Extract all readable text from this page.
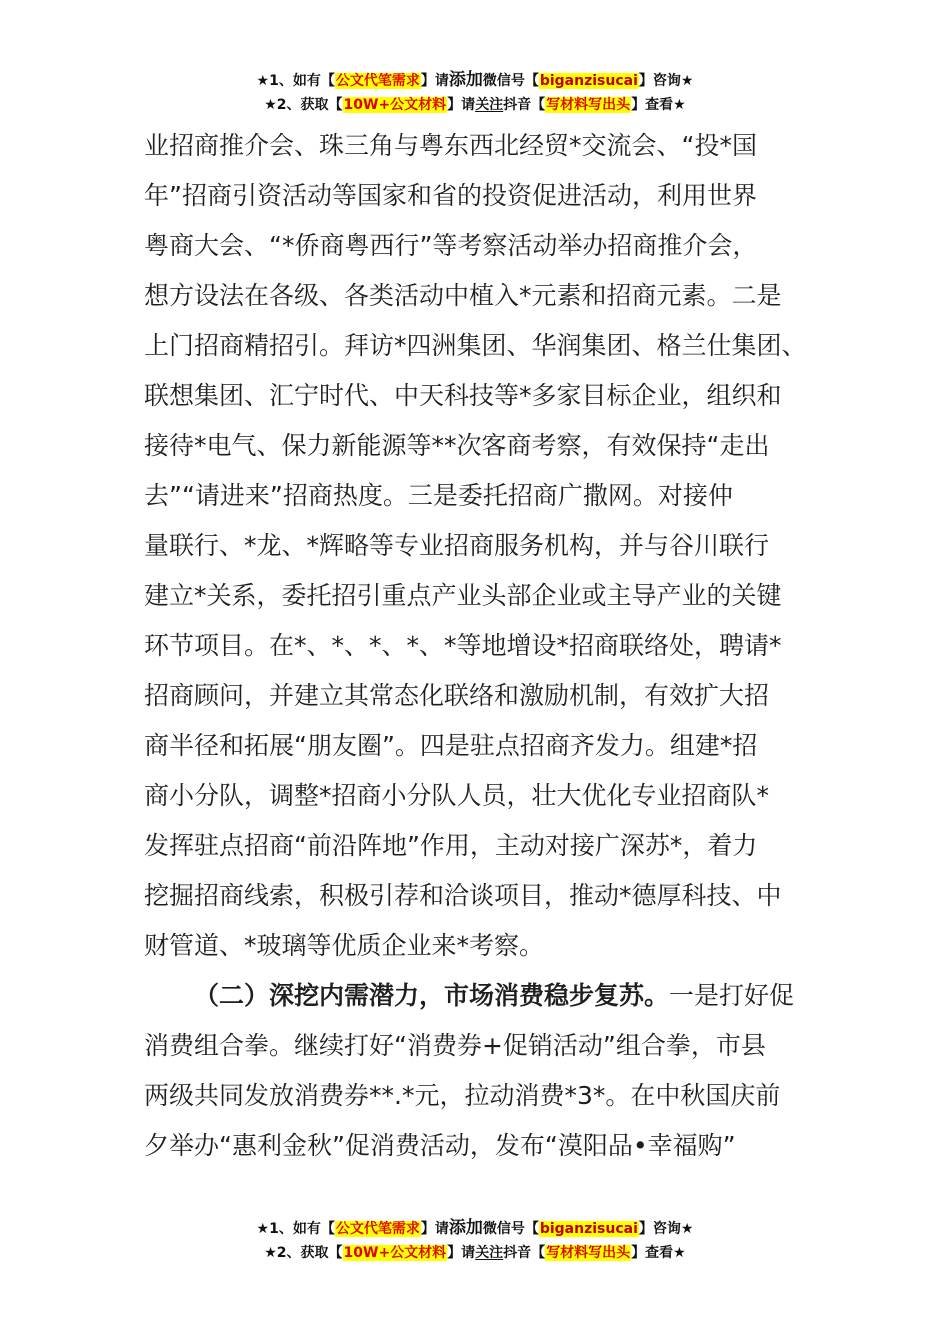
★1、如有【公文代笔需求】请添加微信号【biganzisucai】咨询★
★2、获取【10W+公文材料】请关注抖音【写材料写出头】查看★
业招商推介会、珠三角与粤东西北经贸*交流会、“投*国
年”招商引资活动等国家和省的投资促进活动，利用世界
粤商大会、“*侨商粤西行”等考察活动举办招商推介会，
想方设法在各级、各类活动中植入*元素和招商元素。二是
上门招商精招引。拜访*四洲集团、华润集团、格兰仕集团、
联想集团、汇宁时代、中天科技等*多家目标企业，组织和
接待*电气、保力新能源等**次客商考察，有效保持“走出
去”“请进来”招商热度。三是委托招商广撒网。对接仲
量联行、*龙、*辉略等专业招商服务机构，并与谷川联行
建立*关系，委托招引重点产业头部企业或主导产业的关键
环节项目。在*、*、*、*、*等地增设*招商联络处，聘请*
招商顾问，并建立其常态化联络和激励机制，有效扩大招
商半径和拓展“朋友圈”。四是驻点招商齐发力。组建*招
商小分队，调整*招商小分队人员，壮大优化专业招商队*
发挥驻点招商“前沿阵地”作用，主动对接广深苏*，着力
挖掘招商线索，积极引荐和洽谈项目，推动*德厚科技、中
财管道、*玻璃等优质企业来*考察。
（二）深挖内需潜力，市场消费稳步复苏。一是打好促
消费组合拳。继续打好“消费券+促销活动”组合拳，市县
两级共同发放消费券**.*元，拉动消费*3*。在中秋国庆前
夕举办“惠利金秋”促消费活动，发布“漠阳品•幸福购”
★1、如有【公文代笔需求】请添加微信号【biganzisucai】咨询★
★2、获取【10W+公文材料】请关注抖音【写材料写出头】查看★
